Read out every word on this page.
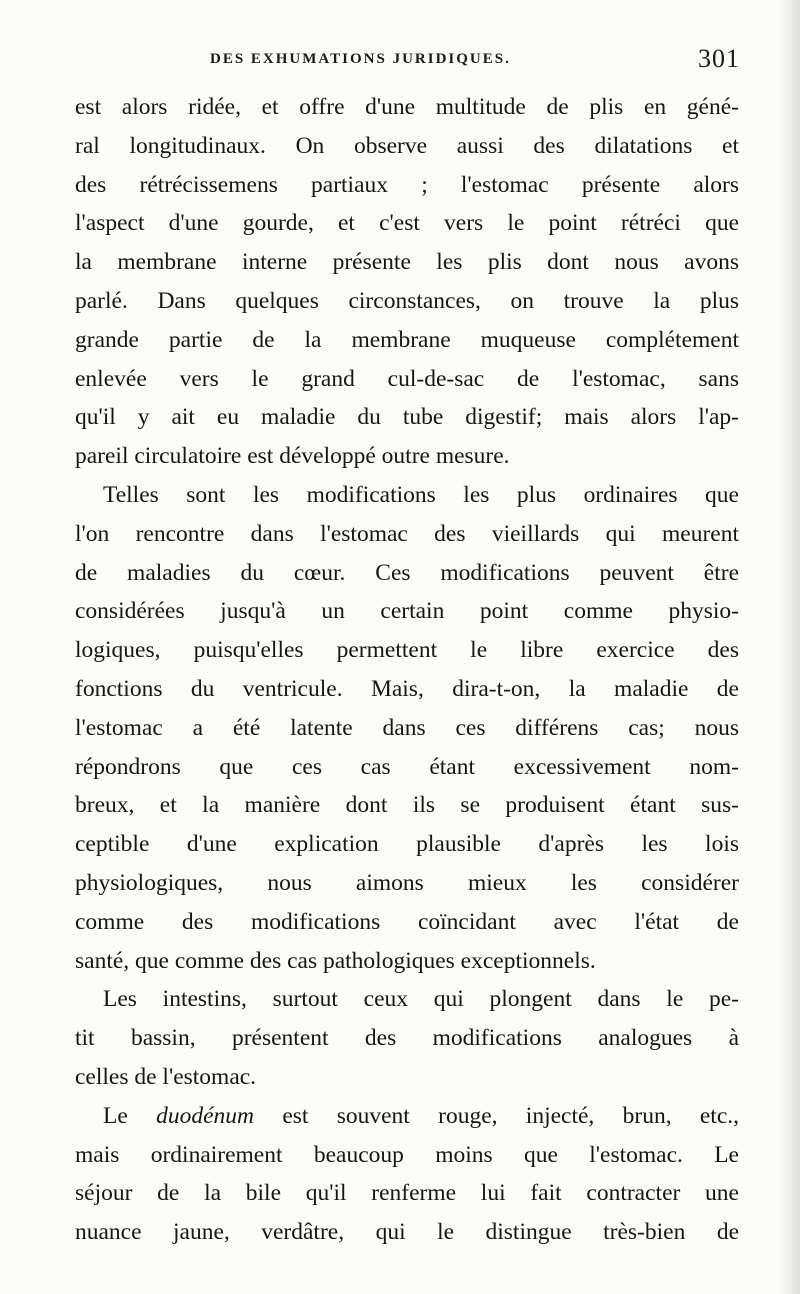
DES EXHUMATIONS JURIDIQUES.	301
est alors ridée, et offre d'une multitude de plis en géné-
ral longitudinaux. On observe aussi des dilatations et
des rétrécissemens partiaux ; l'estomac présente alors
l'aspect d'une gourde, et c'est vers le point rétréci que
la membrane interne présente les plis dont nous avons
parlé. Dans quelques circonstances, on trouve la plus
grande partie de la membrane muqueuse complétement
enlevée vers le grand cul-de-sac de l'estomac, sans
qu'il y ait eu maladie du tube digestif; mais alors l'ap-
pareil circulatoire est développé outre mesure.
Telles sont les modifications les plus ordinaires que
l'on rencontre dans l'estomac des vieillards qui meurent
de maladies du cœur. Ces modifications peuvent être
considérées jusqu'à un certain point comme physio-
logiques, puisqu'elles permettent le libre exercice des
fonctions du ventricule. Mais, dira-t-on, la maladie de
l'estomac a été latente dans ces différens cas; nous
répondrons que ces cas étant excessivement nom-
breux, et la manière dont ils se produisent étant sus-
ceptible d'une explication plausible d'après les lois
physiologiques, nous aimons mieux les considérer
comme des modifications coïncidant avec l'état de
santé, que comme des cas pathologiques exceptionnels.
Les intestins, surtout ceux qui plongent dans le pe-
tit bassin, présentent des modifications analogues à
celles de l'estomac.
Le duodénum est souvent rouge, injecté, brun, etc.,
mais ordinairement beaucoup moins que l'estomac. Le
séjour de la bile qu'il renferme lui fait contracter une
nuance jaune, verdâtre, qui le distingue très-bien de
